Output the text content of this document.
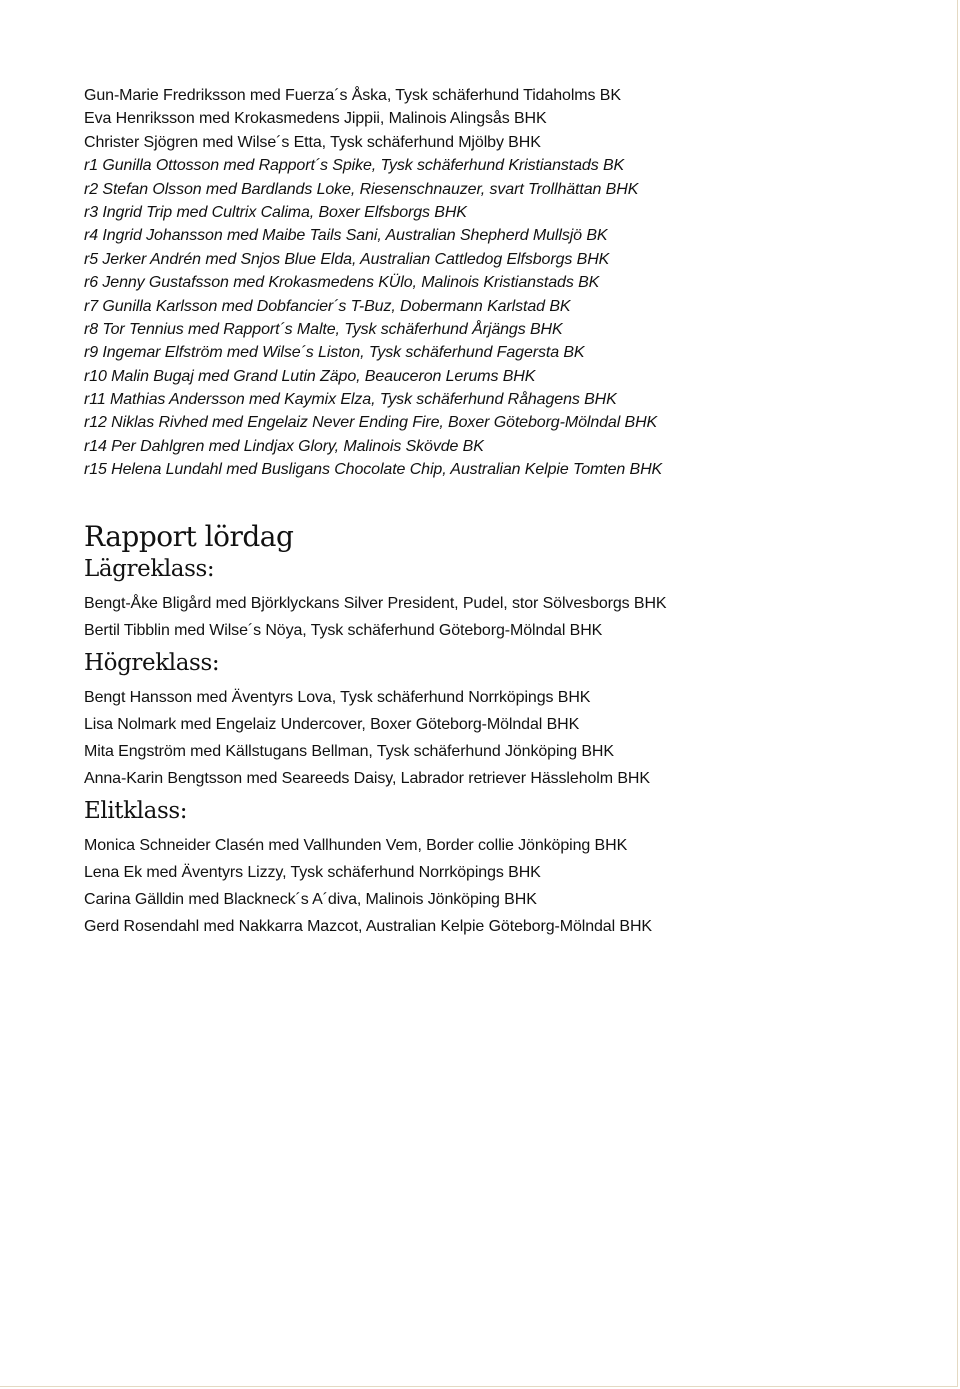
Gun-Marie Fredriksson med Fuerza´s Åska, Tysk schäferhund Tidaholms BK
Eva Henriksson med Krokasmedens Jippii, Malinois Alingsås BHK
Christer Sjögren med Wilse´s Etta, Tysk schäferhund Mjölby BHK
r1 Gunilla Ottosson med Rapport´s Spike, Tysk schäferhund Kristianstads BK
r2 Stefan Olsson med Bardlands Loke, Riesenschnauzer, svart Trollhättan BHK
r3 Ingrid Trip med Cultrix Calima, Boxer Elfsborgs BHK
r4 Ingrid Johansson med Maibe Tails Sani, Australian Shepherd Mullsjö BK
r5 Jerker Andrén med Snjos Blue Elda, Australian Cattledog Elfsborgs BHK
r6 Jenny Gustafsson med Krokasmedens KÜlo, Malinois Kristianstads BK
r7 Gunilla Karlsson med Dobfancier´s T-Buz, Dobermann Karlstad BK
r8 Tor Tennius med Rapport´s Malte, Tysk schäferhund Årjängs BHK
r9 Ingemar Elfström med Wilse´s Liston, Tysk schäferhund Fagersta BK
r10 Malin Bugaj med Grand Lutin Zäpo, Beauceron Lerums BHK
r11 Mathias Andersson med Kaymix Elza, Tysk schäferhund Råhagens BHK
r12 Niklas Rivhed med Engelaiz Never Ending Fire, Boxer Göteborg-Mölndal BHK
r14 Per Dahlgren med Lindjax Glory, Malinois Skövde BK
r15 Helena Lundahl med Busligans Chocolate Chip, Australian Kelpie Tomten BHK
Rapport lördag
Lägreklass:
Bengt-Åke Bligård med Björklyckans Silver President, Pudel, stor Sölvesborgs BHK
Bertil Tibblin med Wilse´s Nöya, Tysk schäferhund Göteborg-Mölndal BHK
Högreklass:
Bengt Hansson med Äventyrs Lova, Tysk schäferhund Norrköpings BHK
Lisa Nolmark med Engelaiz Undercover, Boxer Göteborg-Mölndal BHK
Mita Engström med Källstugans Bellman, Tysk schäferhund Jönköping BHK
Anna-Karin Bengtsson med Seareeds Daisy, Labrador retriever Hässleholm BHK
Elitklass:
Monica Schneider Clasén med Vallhunden Vem, Border collie Jönköping BHK
Lena Ek med Äventyrs Lizzy, Tysk schäferhund Norrköpings BHK
Carina Gälldin med Blackneck´s A´diva, Malinois Jönköping BHK
Gerd Rosendahl med Nakkarra Mazcot, Australian Kelpie Göteborg-Mölndal BHK
